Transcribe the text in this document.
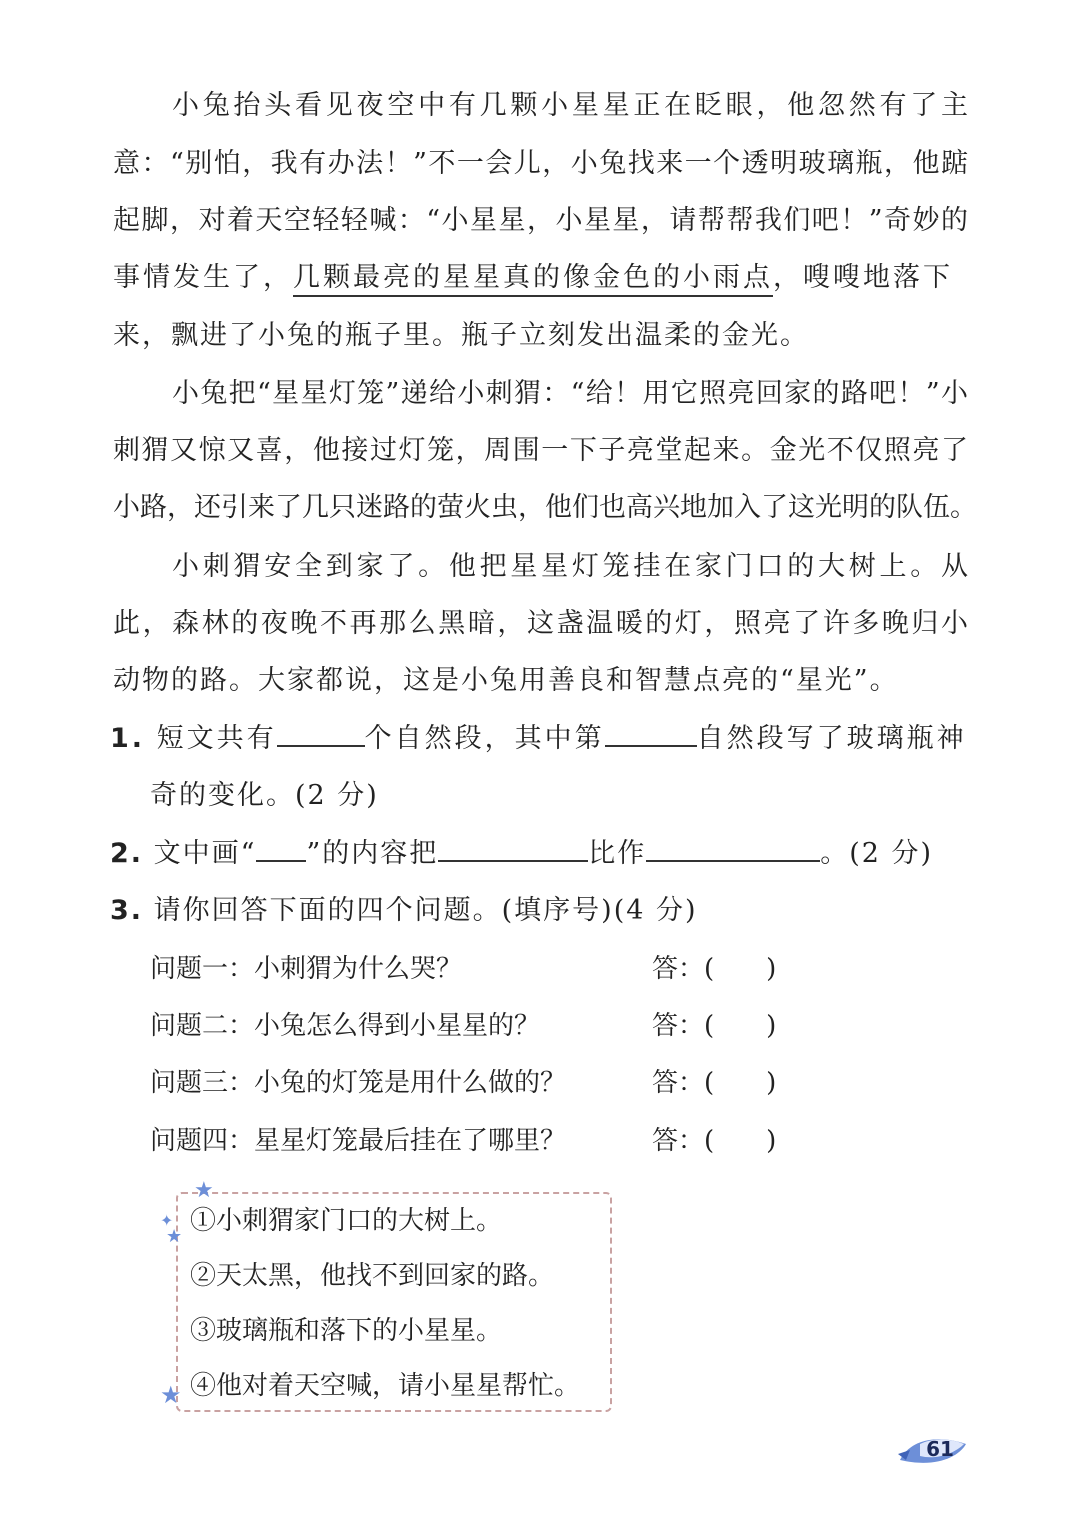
小兔抬头看见夜空中有几颗小星星正在眨眼，他忽然有了主
意：“别怕，我有办法！”不一会儿，小兔找来一个透明玻璃瓶，他踮
起脚，对着天空轻轻喊：“小星星，小星星，请帮帮我们吧！”奇妙的
事情发生了，几颗最亮的星星真的像金色的小雨点，嗖嗖地落下
来，飘进了小兔的瓶子里。瓶子立刻发出温柔的金光。
小兔把“星星灯笼”递给小刺猬：“给！用它照亮回家的路吧！”小
刺猬又惊又喜，他接过灯笼，周围一下子亮堂起来。金光不仅照亮了
小路，还引来了几只迷路的萤火虫，他们也高兴地加入了这光明的队伍。
小刺猬安全到家了。他把星星灯笼挂在家门口的大树上。从
此，森林的夜晚不再那么黑暗，这盏温暖的灯，照亮了许多晚归小
动物的路。大家都说，这是小兔用善良和智慧点亮的“星光”。
1. 短文共有	个自然段，其中第	自然段写了玻璃瓶神
奇的变化。(2 分)
2. 文中画“ ”的内容把	比作	。(2 分)
3. 请你回答下面的四个问题。(填序号)(4 分)
问题一：小刺猬为什么哭？	答：(　　)
问题二：小兔怎么得到小星星的？	答：(　　)
问题三：小兔的灯笼是用什么做的？	答：(　　)
问题四：星星灯笼最后挂在了哪里？	答：(　　)
★
✦
★
★
①小刺猬家门口的大树上。
②天太黑，他找不到回家的路。
③玻璃瓶和落下的小星星。
④他对着天空喊，请小星星帮忙。
61
